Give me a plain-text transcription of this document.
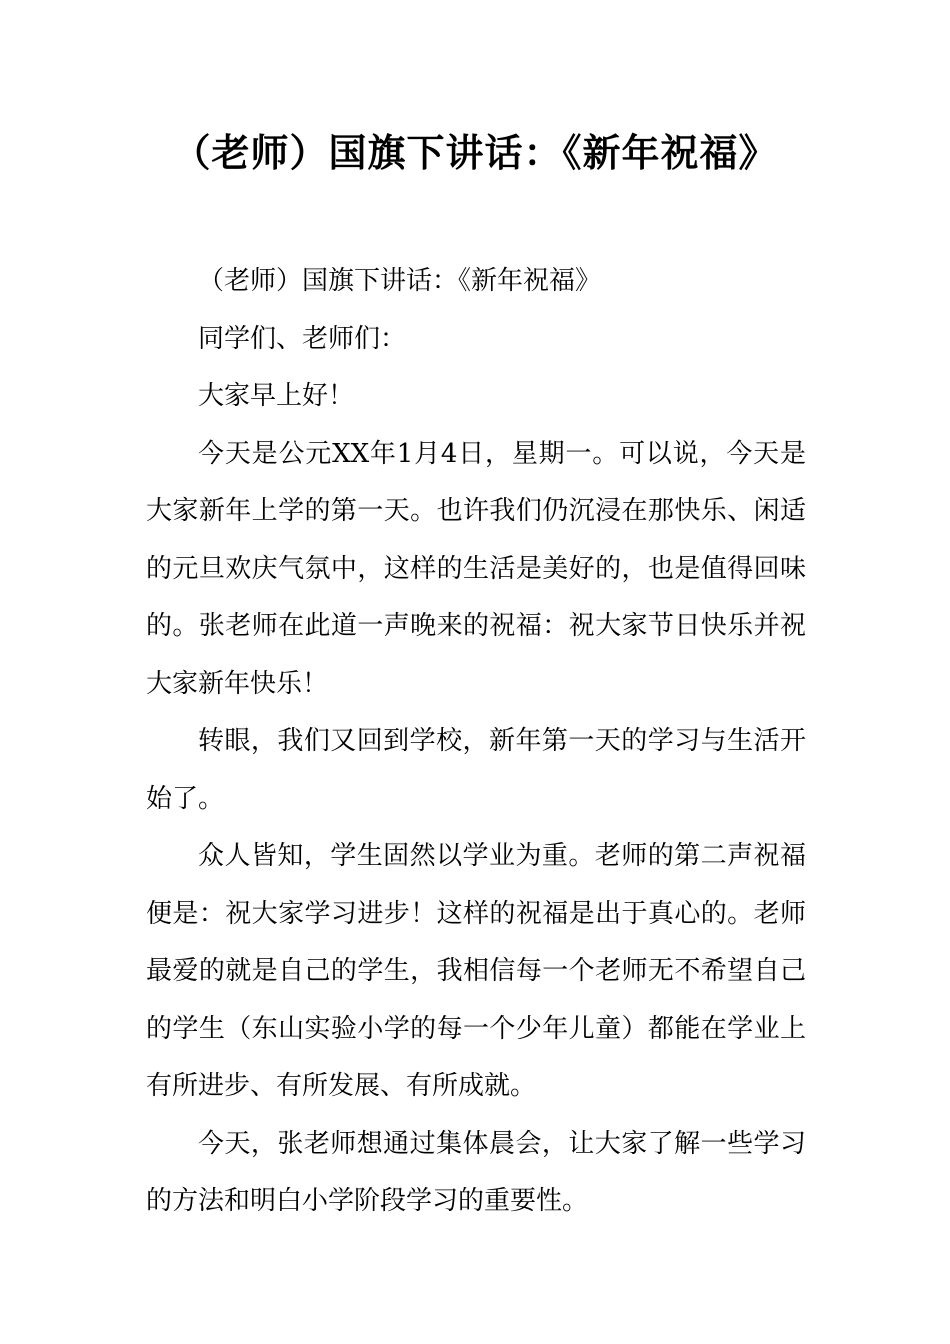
（老师）国旗下讲话：《新年祝福》

（老师）国旗下讲话：《新年祝福》

同学们、老师们：

大家早上好！

今天是公元XX年1月4日，星期一。可以说，今天是大家新年上学的第一天。也许我们仍沉浸在那快乐、闲适的元旦欢庆气氛中，这样的生活是美好的，也是值得回味的。张老师在此道一声晚来的祝福：祝大家节日快乐并祝大家新年快乐！

转眼，我们又回到学校，新年第一天的学习与生活开始了。

众人皆知，学生固然以学业为重。老师的第二声祝福便是：祝大家学习进步！这样的祝福是出于真心的。老师最爱的就是自己的学生，我相信每一个老师无不希望自己的学生（东山实验小学的每一个少年儿童）都能在学业上有所进步、有所发展、有所成就。

今天，张老师想通过集体晨会，让大家了解一些学习的方法和明白小学阶段学习的重要性。
